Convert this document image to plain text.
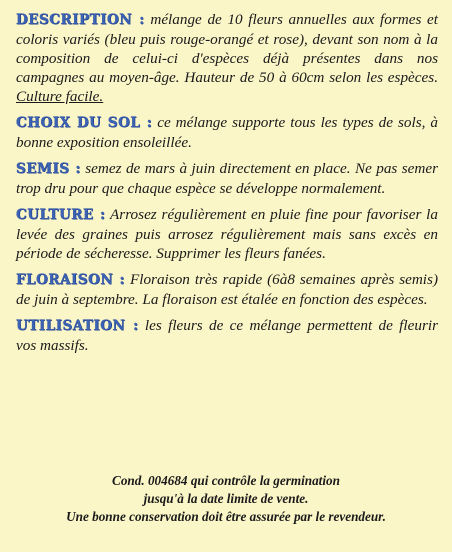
DESCRIPTION : mélange de 10 fleurs annuelles aux formes et coloris variés (bleu puis rouge-orangé et rose), devant son nom à la composition de celui-ci d'espèces déjà présentes dans nos campagnes au moyen-âge. Hauteur de 50 à 60cm selon les espèces. Culture facile.

CHOIX DU SOL : ce mélange supporte tous les types de sols, à bonne exposition ensoleillée.

SEMIS : semez de mars à juin directement en place. Ne pas semer trop dru pour que chaque espèce se développe normalement.

CULTURE : Arrosez régulièrement en pluie fine pour favoriser la levée des graines puis arrosez régulièrement mais sans excès en période de sécheresse. Supprimer les fleurs fanées.

FLORAISON : Floraison très rapide (6à8 semaines après semis) de juin à septembre. La floraison est étalée en fonction des espèces.

UTILISATION : les fleurs de ce mélange permettent de fleurir vos massifs.

Cond. 004684 qui contrôle la germination
jusqu'à la date limite de vente.
Une bonne conservation doit être assurée par le revendeur.
